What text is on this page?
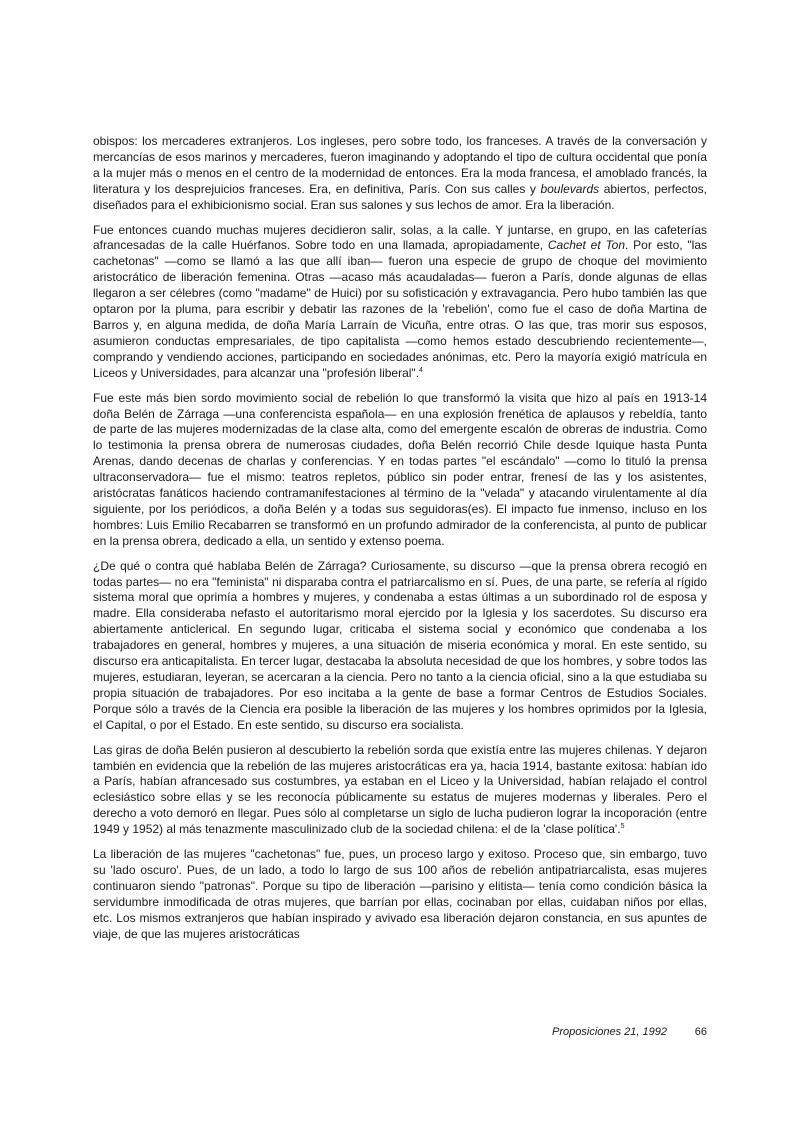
obispos: los mercaderes extranjeros. Los ingleses, pero sobre todo, los franceses. A través de la conversación y mercancías de esos marinos y mercaderes, fueron imaginando y adoptando el tipo de cultura occidental que ponía a la mujer más o menos en el centro de la modernidad de entonces. Era la moda francesa, el amoblado francés, la literatura y los desprejuicios franceses. Era, en definitiva, París. Con sus calles y boulevards abiertos, perfectos, diseñados para el exhibicionismo social. Eran sus salones y sus lechos de amor. Era la liberación.

Fue entonces cuando muchas mujeres decidieron salir, solas, a la calle. Y juntarse, en grupo, en las cafeterías afrancesadas de la calle Huérfanos. Sobre todo en una llamada, apropiadamente, Cachet et Ton. Por esto, "las cachetonas" —como se llamó a las que allí iban— fueron una especie de grupo de choque del movimiento aristocrático de liberación femenina. Otras —acaso más acaudaladas— fueron a París, donde algunas de ellas llegaron a ser célebres (como "madame" de Huici) por su sofisticación y extravagancia. Pero hubo también las que optaron por la pluma, para escribir y debatir las razones de la 'rebelión', como fue el caso de doña Martina de Barros y, en alguna medida, de doña María Larraín de Vicuña, entre otras. O las que, tras morir sus esposos, asumieron conductas empresariales, de tipo capitalista —como hemos estado descubriendo recientemente—, comprando y vendiendo acciones, participando en sociedades anónimas, etc. Pero la mayoría exigió matrícula en Liceos y Universidades, para alcanzar una "profesión liberal".$^4$

Fue este más bien sordo movimiento social de rebelión lo que transformó la visita que hizo al país en 1913-14 doña Belén de Zárraga —una conferencista española— en una explosión frenética de aplausos y rebeldía, tanto de parte de las mujeres modernizadas de la clase alta, como del emergente escalón de obreras de industria. Como lo testimonia la prensa obrera de numerosas ciudades, doña Belén recorrió Chile desde Iquique hasta Punta Arenas, dando decenas de charlas y conferencias. Y en todas partes "el escándalo" —como lo tituló la prensa ultraconservadora— fue el mismo: teatros repletos, público sin poder entrar, frenesí de las y los asistentes, aristócratas fanáticos haciendo contramanifestaciones al término de la "velada" y atacando virulentamente al día siguiente, por los periódicos, a doña Belén y a todas sus seguidoras(es). El impacto fue inmenso, incluso en los hombres: Luis Emilio Recabarren se transformó en un profundo admirador de la conferencista, al punto de publicar en la prensa obrera, dedicado a ella, un sentido y extenso poema.

¿De qué o contra qué hablaba Belén de Zárraga? Curiosamente, su discurso —que la prensa obrera recogió en todas partes— no era "feminista" ni disparaba contra el patriarcalismo en sí. Pues, de una parte, se refería al rígido sistema moral que oprimía a hombres y mujeres, y condenaba a estas últimas a un subordinado rol de esposa y madre. Ella consideraba nefasto el autoritarismo moral ejercido por la Iglesia y los sacerdotes. Su discurso era abiertamente anticlerical. En segundo lugar, criticaba el sistema social y económico que condenaba a los trabajadores en general, hombres y mujeres, a una situación de miseria económica y moral. En este sentido, su discurso era anticapitalista. En tercer lugar, destacaba la absoluta necesidad de que los hombres, y sobre todos las mujeres, estudiaran, leyeran, se acercaran a la ciencia. Pero no tanto a la ciencia oficial, sino a la que estudiaba su propia situación de trabajadores. Por eso incitaba a la gente de base a formar Centros de Estudios Sociales. Porque sólo a través de la Ciencia era posible la liberación de las mujeres y los hombres oprimidos por la Iglesia, el Capital, o por el Estado. En este sentido, su discurso era socialista.

Las giras de doña Belén pusieron al descubierto la rebelión sorda que existía entre las mujeres chilenas. Y dejaron también en evidencia que la rebelión de las mujeres aristocráticas era ya, hacia 1914, bastante exitosa: habían ido a París, habían afrancesado sus costumbres, ya estaban en el Liceo y la Universidad, habían relajado el control eclesiástico sobre ellas y se les reconocía públicamente su estatus de mujeres modernas y liberales. Pero el derecho a voto demoró en llegar. Pues sólo al completarse un siglo de lucha pudieron lograr la incoporación (entre 1949 y 1952) al más tenazmente masculinizado club de la sociedad chilena: el de la 'clase política'.$^5$

La liberación de las mujeres "cachetonas" fue, pues, un proceso largo y exitoso. Proceso que, sin embargo, tuvo su 'lado oscuro'. Pues, de un lado, a todo lo largo de sus 100 años de rebelión antipatriarcalista, esas mujeres continuaron siendo "patronas". Porque su tipo de liberación —parisino y elitista— tenía como condición básica la servidumbre inmodificada de otras mujeres, que barrían por ellas, cocinaban por ellas, cuidaban niños por ellas, etc. Los mismos extranjeros que habían inspirado y avivado esa liberación dejaron constancia, en sus apuntes de viaje, de que las mujeres aristocráticas

Proposiciones 21, 1992	66
